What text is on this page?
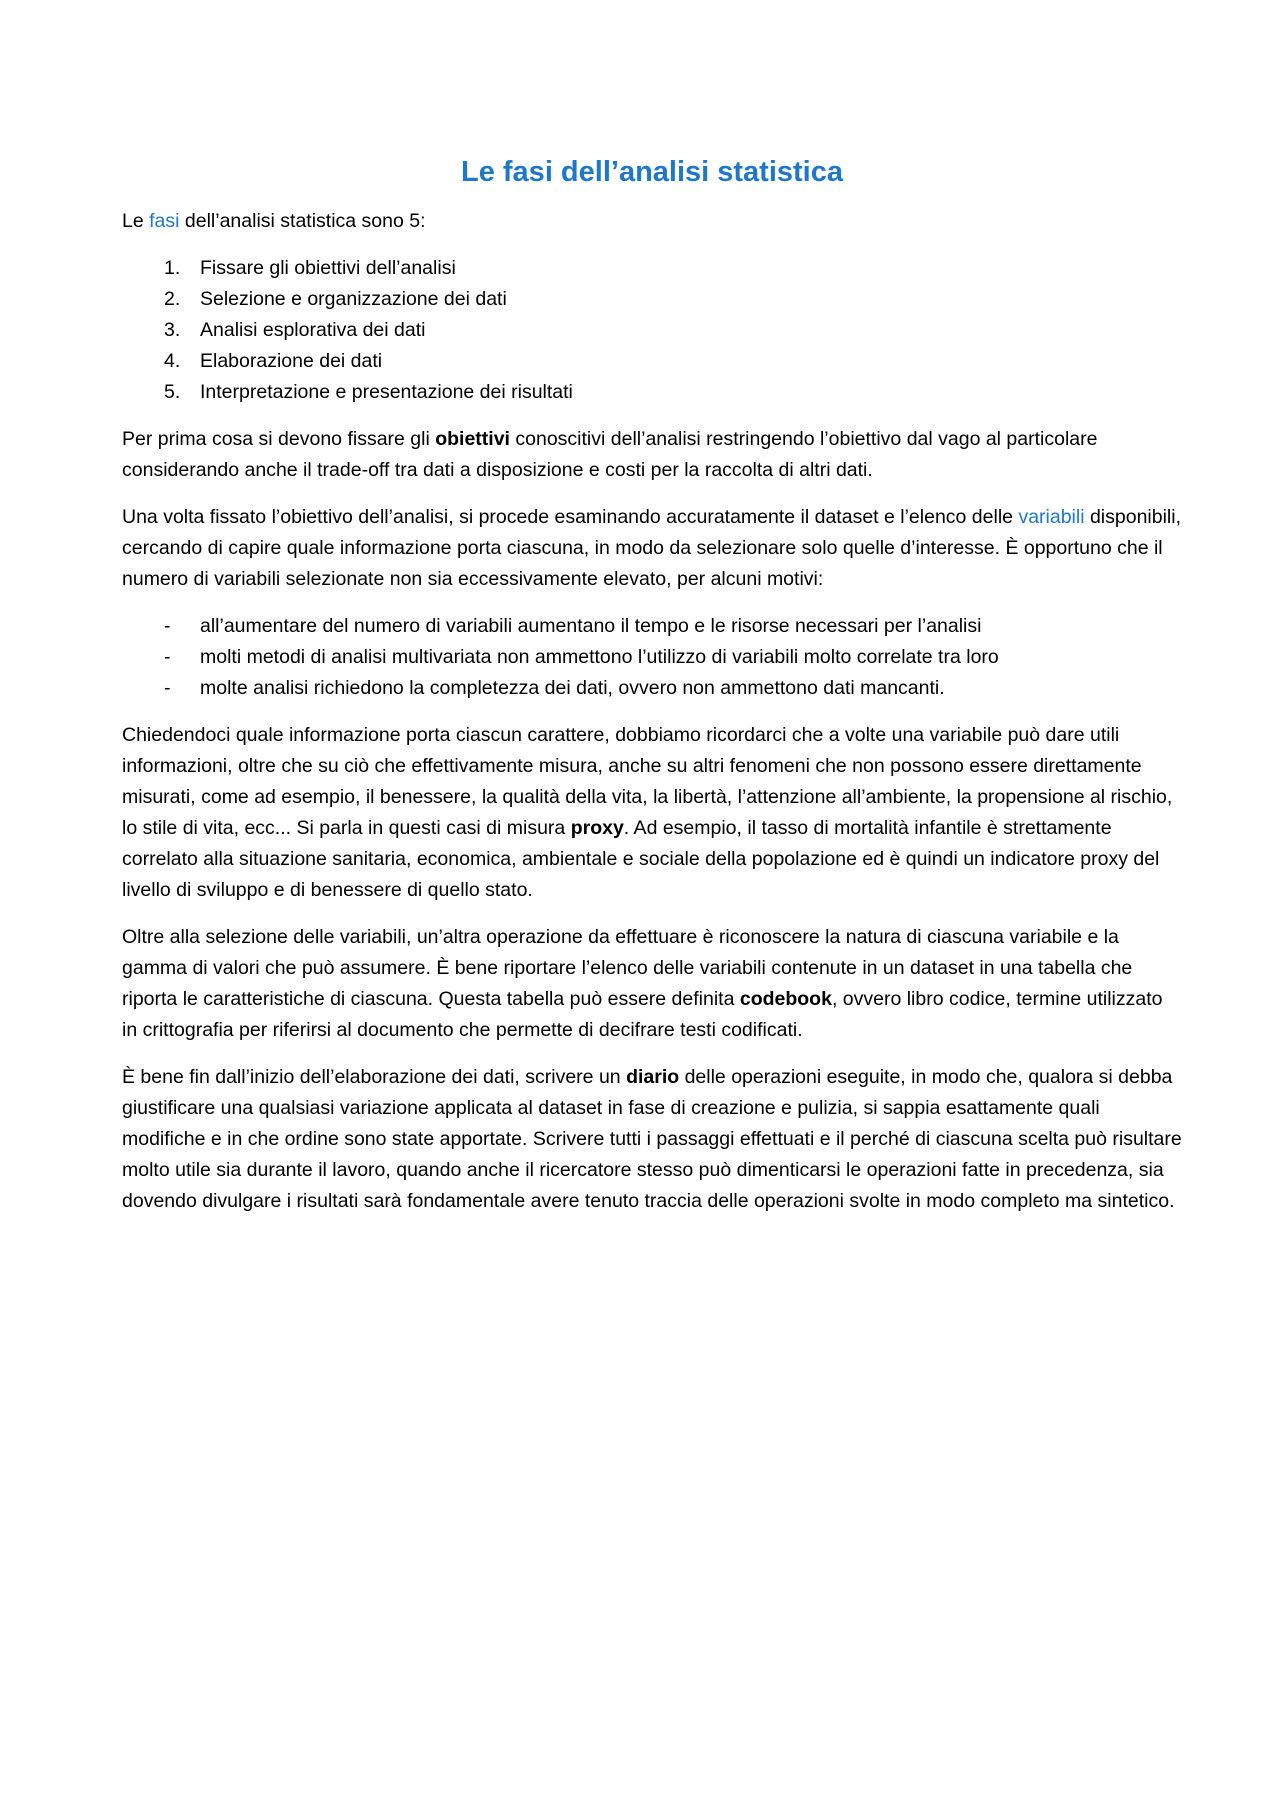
Le fasi dell’analisi statistica

Le fasi dell’analisi statistica sono 5:

1. Fissare gli obiettivi dell’analisi
2. Selezione e organizzazione dei dati
3. Analisi esplorativa dei dati
4. Elaborazione dei dati
5. Interpretazione e presentazione dei risultati

Per prima cosa si devono fissare gli obiettivi conoscitivi dell’analisi restringendo l’obiettivo dal vago al particolare considerando anche il trade-off tra dati a disposizione e costi per la raccolta di altri dati.

Una volta fissato l’obiettivo dell’analisi, si procede esaminando accuratamente il dataset e l’elenco delle variabili disponibili, cercando di capire quale informazione porta ciascuna, in modo da selezionare solo quelle d’interesse. È opportuno che il numero di variabili selezionate non sia eccessivamente elevato, per alcuni motivi:

- all’aumentare del numero di variabili aumentano il tempo e le risorse necessari per l’analisi
- molti metodi di analisi multivariata non ammettono l’utilizzo di variabili molto correlate tra loro
- molte analisi richiedono la completezza dei dati, ovvero non ammettono dati mancanti.

Chiedendoci quale informazione porta ciascun carattere, dobbiamo ricordarci che a volte una variabile può dare utili informazioni, oltre che su ciò che effettivamente misura, anche su altri fenomeni che non possono essere direttamente misurati, come ad esempio, il benessere, la qualità della vita, la libertà, l’attenzione all’ambiente, la propensione al rischio, lo stile di vita, ecc... Si parla in questi casi di misura proxy. Ad esempio, il tasso di mortalità infantile è strettamente correlato alla situazione sanitaria, economica, ambientale e sociale della popolazione ed è quindi un indicatore proxy del livello di sviluppo e di benessere di quello stato.

Oltre alla selezione delle variabili, un’altra operazione da effettuare è riconoscere la natura di ciascuna variabile e la gamma di valori che può assumere. È bene riportare l’elenco delle variabili contenute in un dataset in una tabella che riporta le caratteristiche di ciascuna. Questa tabella può essere definita codebook, ovvero libro codice, termine utilizzato in crittografia per riferirsi al documento che permette di decifrare testi codificati.

È bene fin dall’inizio dell’elaborazione dei dati, scrivere un diario delle operazioni eseguite, in modo che, qualora si debba giustificare una qualsiasi variazione applicata al dataset in fase di creazione e pulizia, si sappia esattamente quali modifiche e in che ordine sono state apportate. Scrivere tutti i passaggi effettuati e il perché di ciascuna scelta può risultare molto utile sia durante il lavoro, quando anche il ricercatore stesso può dimenticarsi le operazioni fatte in precedenza, sia dovendo divulgare i risultati sarà fondamentale avere tenuto traccia delle operazioni svolte in modo completo ma sintetico.
